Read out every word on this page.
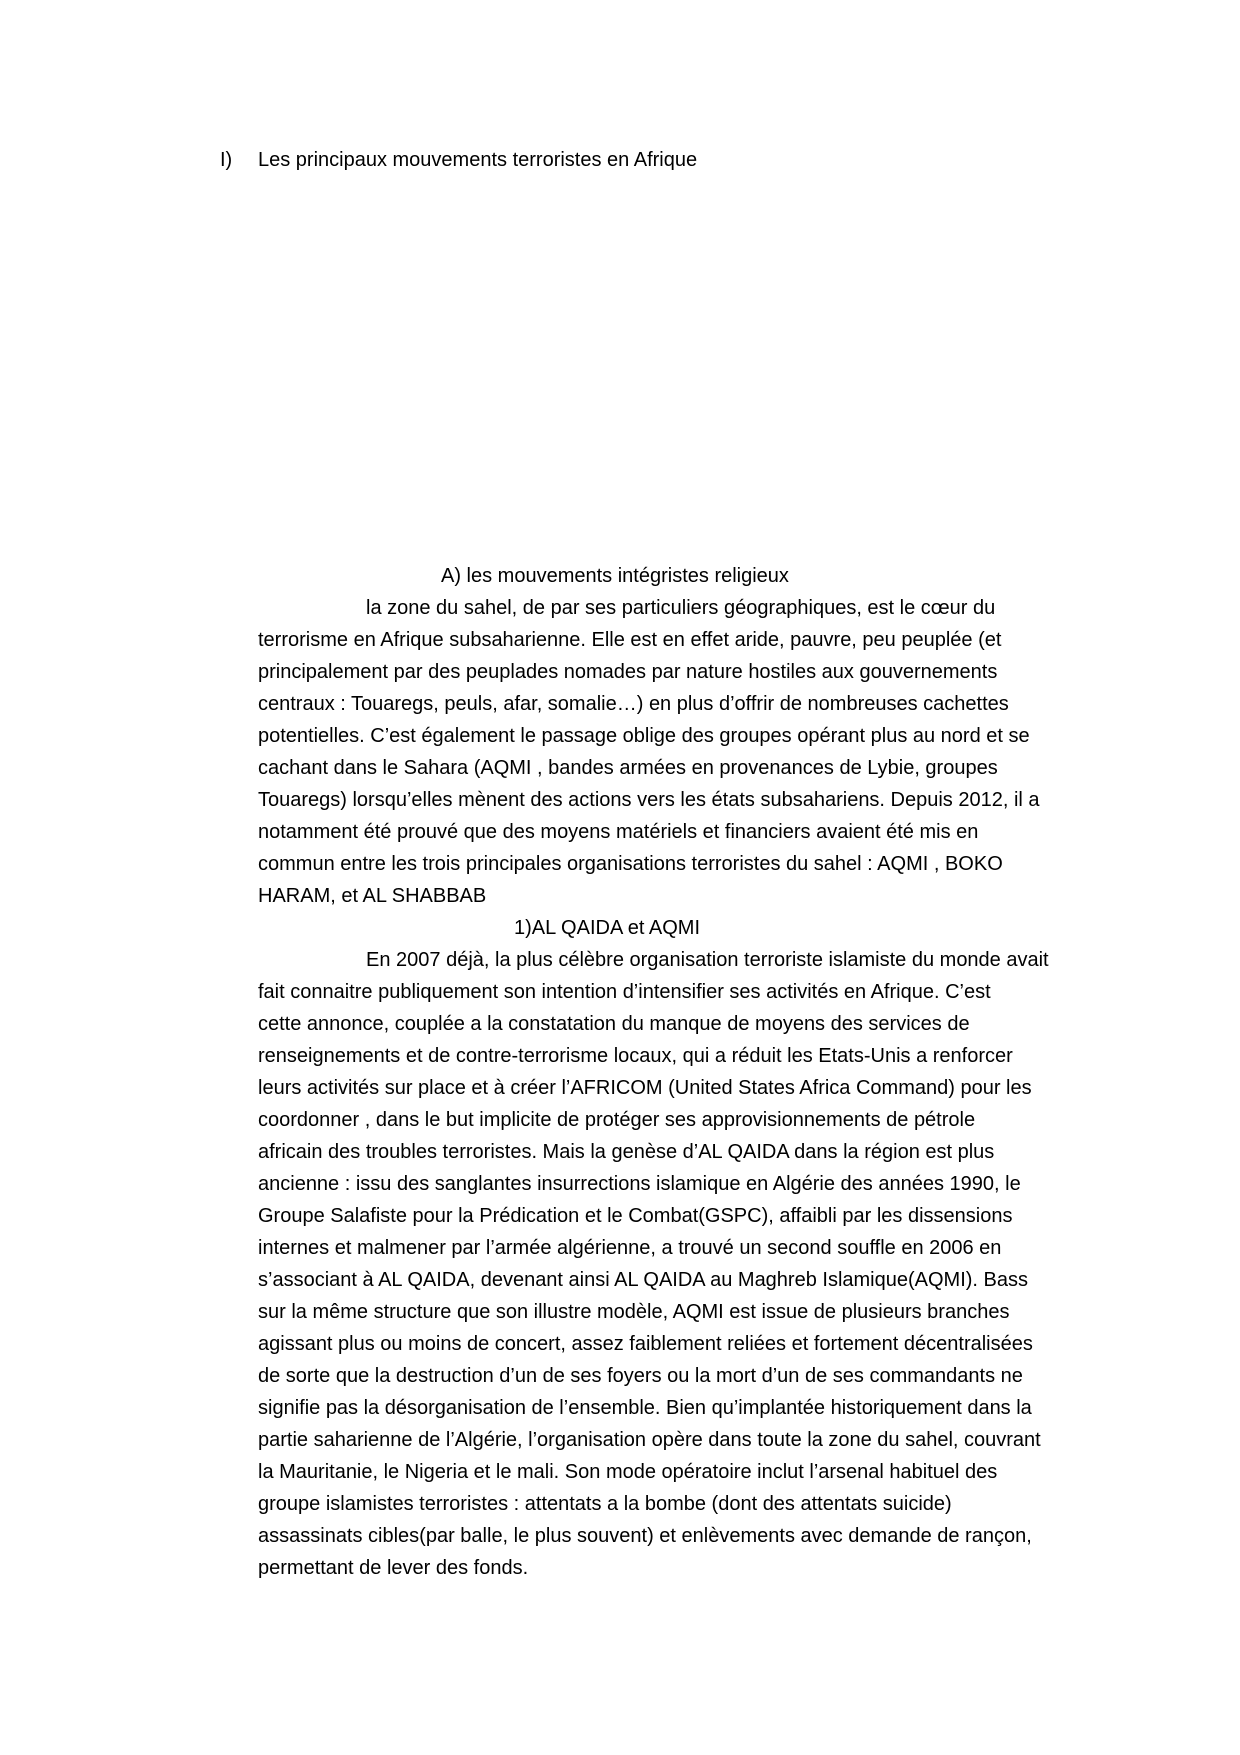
I) Les principaux mouvements terroristes en Afrique
A) les mouvements intégristes religieux
la zone du sahel, de par ses particuliers géographiques, est le cœur du
terrorisme en Afrique subsaharienne. Elle est en effet aride, pauvre, peu peuplée (et
principalement par des peuplades nomades par nature hostiles aux gouvernements
centraux : Touaregs, peuls, afar, somalie…) en plus d’offrir de nombreuses cachettes
potentielles. C’est également le passage oblige des groupes opérant plus au nord et se
cachant dans le Sahara (AQMI , bandes armées en provenances de Lybie, groupes
Touaregs) lorsqu’elles mènent des actions vers les états subsahariens. Depuis 2012, il a
notamment été prouvé que des moyens matériels et financiers avaient été mis en
commun entre les trois principales organisations terroristes du sahel : AQMI , BOKO
HARAM, et AL SHABBAB
1)AL QAIDA et AQMI
En 2007 déjà, la plus célèbre organisation terroriste islamiste du monde avait
fait connaitre publiquement son intention d’intensifier ses activités en Afrique. C’est
cette annonce, couplée a la constatation du manque de moyens des services de
renseignements et de contre-terrorisme locaux, qui a réduit les Etats-Unis a renforcer
leurs activités sur place et à créer l’AFRICOM (United States Africa Command) pour les
coordonner , dans le but implicite de protéger ses approvisionnements de pétrole
africain des troubles terroristes. Mais la genèse d’AL QAIDA dans la région est plus
ancienne : issu des sanglantes insurrections islamique en Algérie des années 1990, le
Groupe Salafiste pour la Prédication et le Combat(GSPC), affaibli par les dissensions
internes et malmener par l’armée algérienne, a trouvé un second souffle en 2006 en
s’associant à AL QAIDA, devenant ainsi AL QAIDA au Maghreb Islamique(AQMI). Bass
sur la même structure que son illustre modèle, AQMI est issue de plusieurs branches
agissant plus ou moins de concert, assez faiblement reliées et fortement décentralisées
de sorte que la destruction d’un de ses foyers ou la mort d’un de ses commandants ne
signifie pas la désorganisation de l’ensemble. Bien qu’implantée historiquement dans la
partie saharienne de l’Algérie, l’organisation opère dans toute la zone du sahel, couvrant
la Mauritanie, le Nigeria et le mali. Son mode opératoire inclut l’arsenal habituel des
groupe islamistes terroristes : attentats a la bombe (dont des attentats suicide)
assassinats cibles(par balle, le plus souvent) et enlèvements avec demande de rançon,
permettant de lever des fonds.
